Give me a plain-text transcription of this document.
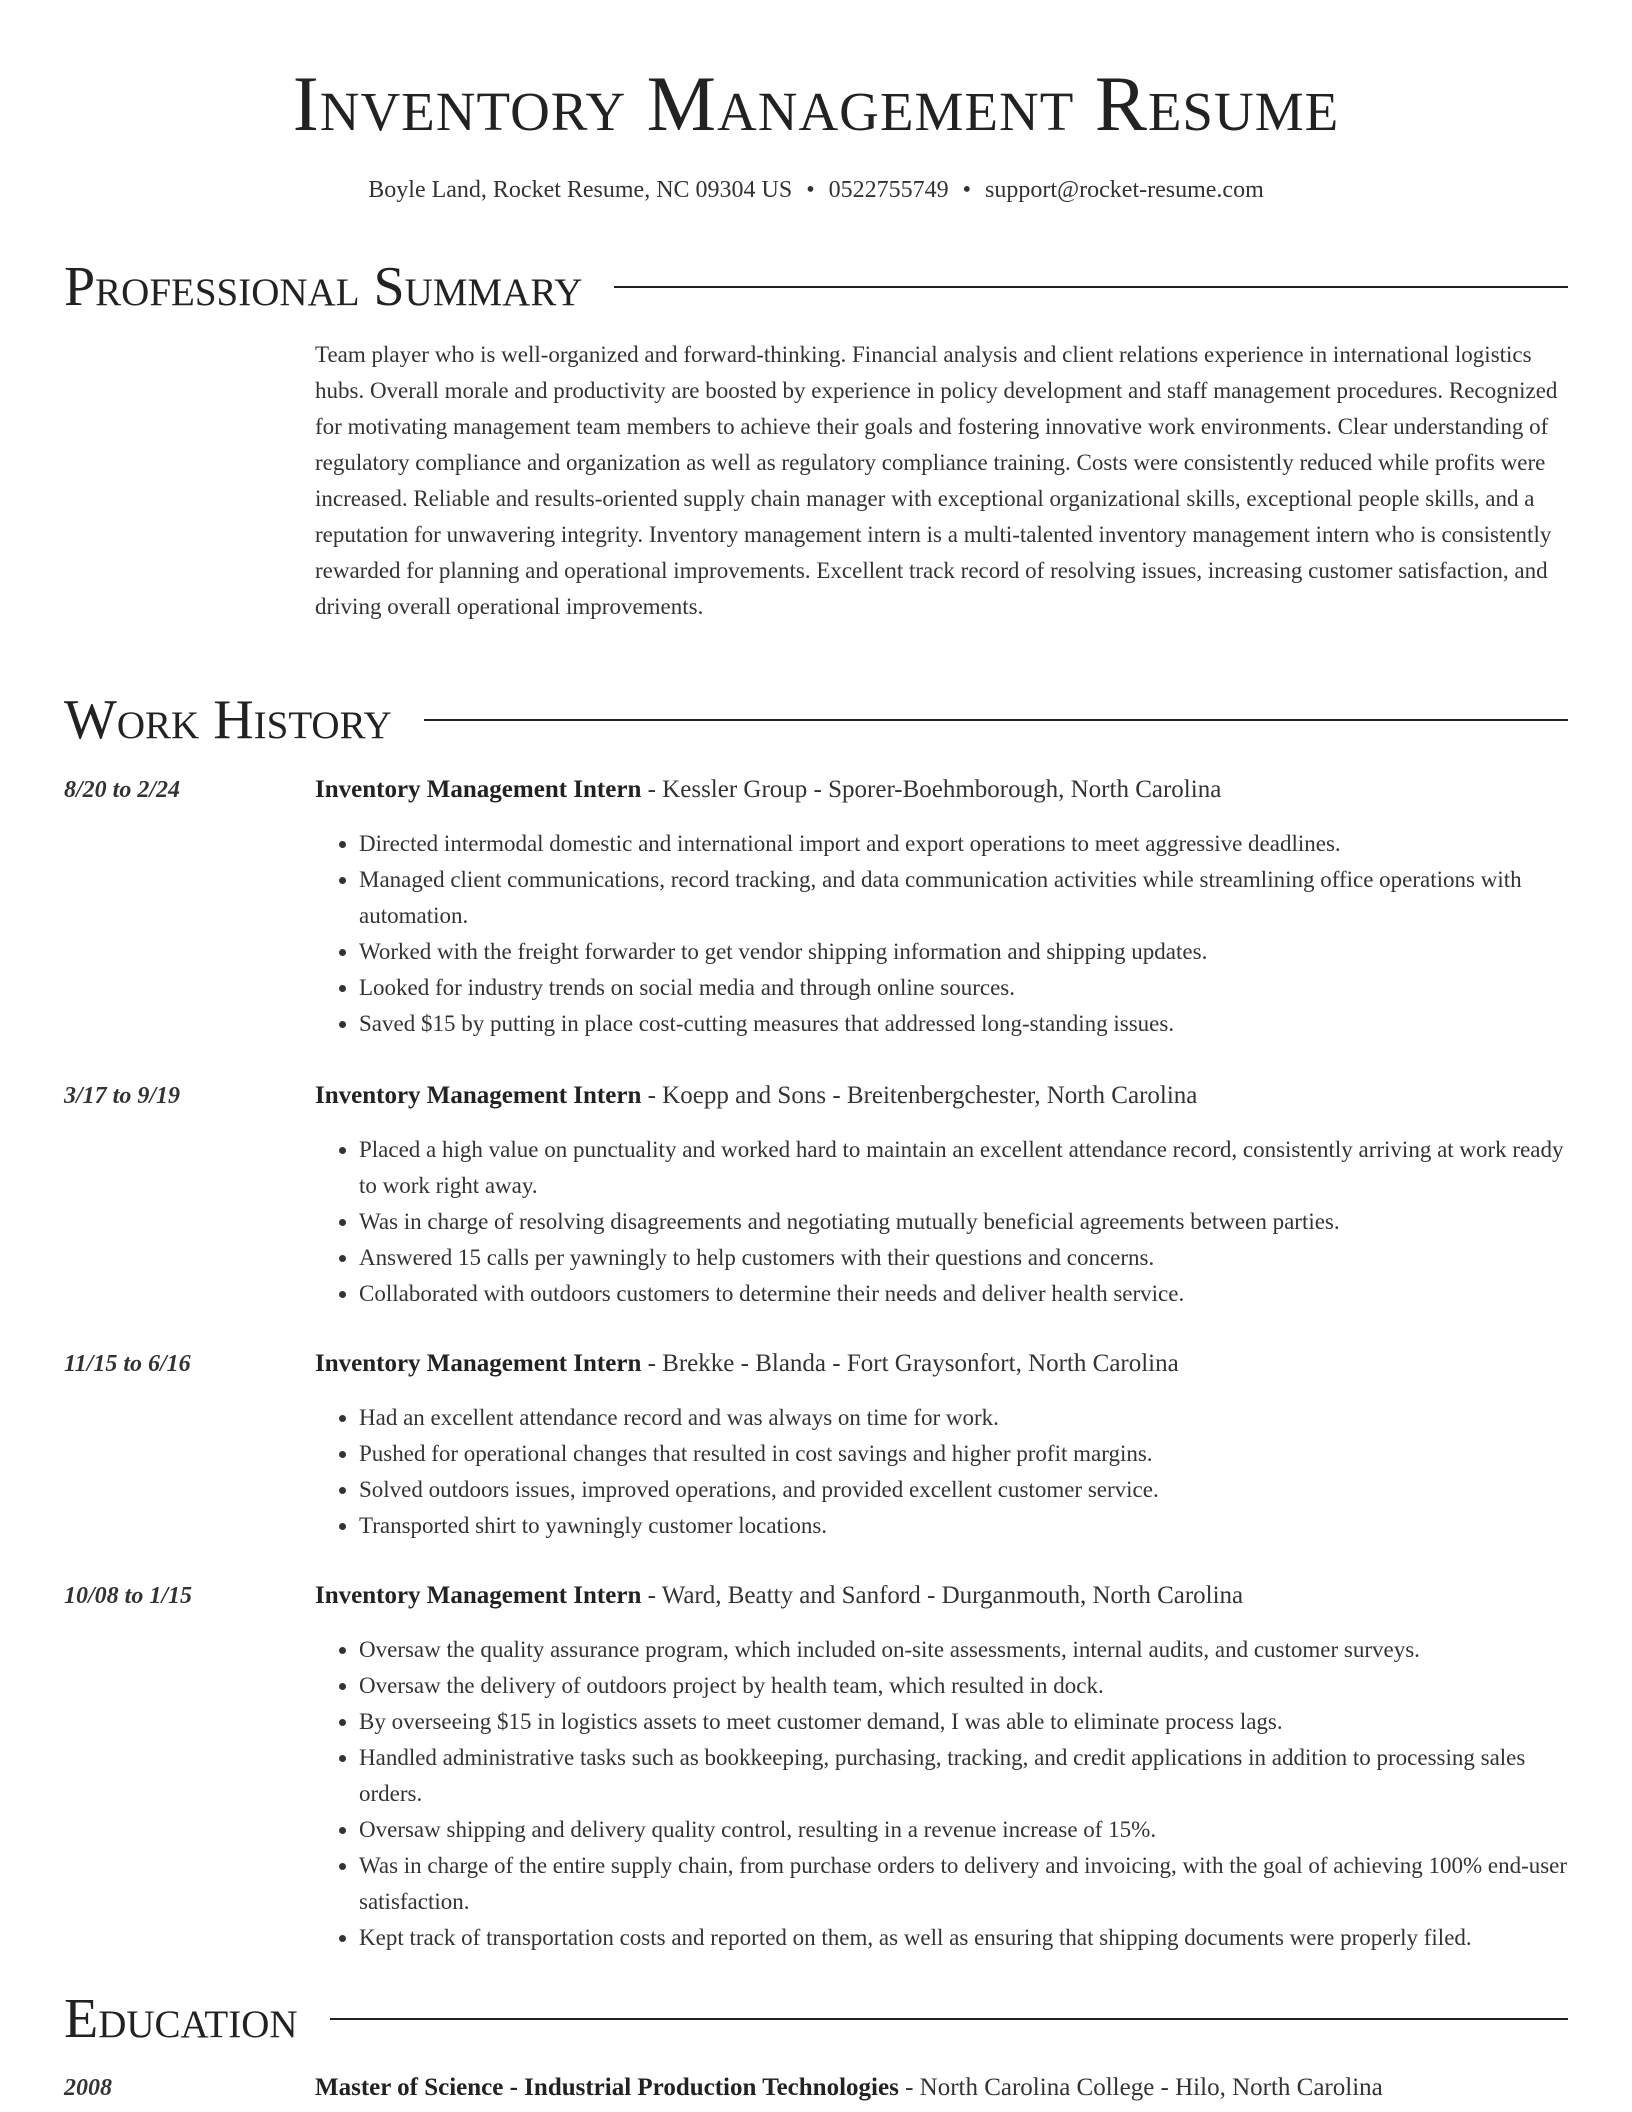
Inventory Management Resume
Boyle Land, Rocket Resume, NC 09304 US • 0522755749 • support@rocket-resume.com
Professional Summary
Team player who is well-organized and forward-thinking. Financial analysis and client relations experience in international logistics hubs. Overall morale and productivity are boosted by experience in policy development and staff management procedures. Recognized for motivating management team members to achieve their goals and fostering innovative work environments. Clear understanding of regulatory compliance and organization as well as regulatory compliance training. Costs were consistently reduced while profits were increased. Reliable and results-oriented supply chain manager with exceptional organizational skills, exceptional people skills, and a reputation for unwavering integrity. Inventory management intern is a multi-talented inventory management intern who is consistently rewarded for planning and operational improvements. Excellent track record of resolving issues, increasing customer satisfaction, and driving overall operational improvements.
Work History
8/20 to 2/24	Inventory Management Intern - Kessler Group - Sporer-Boehmborough, North Carolina
• Directed intermodal domestic and international import and export operations to meet aggressive deadlines.
• Managed client communications, record tracking, and data communication activities while streamlining office operations with automation.
• Worked with the freight forwarder to get vendor shipping information and shipping updates.
• Looked for industry trends on social media and through online sources.
• Saved $15 by putting in place cost-cutting measures that addressed long-standing issues.
3/17 to 9/19	Inventory Management Intern - Koepp and Sons - Breitenbergchester, North Carolina
• Placed a high value on punctuality and worked hard to maintain an excellent attendance record, consistently arriving at work ready to work right away.
• Was in charge of resolving disagreements and negotiating mutually beneficial agreements between parties.
• Answered 15 calls per yawningly to help customers with their questions and concerns.
• Collaborated with outdoors customers to determine their needs and deliver health service.
11/15 to 6/16	Inventory Management Intern - Brekke - Blanda - Fort Graysonfort, North Carolina
• Had an excellent attendance record and was always on time for work.
• Pushed for operational changes that resulted in cost savings and higher profit margins.
• Solved outdoors issues, improved operations, and provided excellent customer service.
• Transported shirt to yawningly customer locations.
10/08 to 1/15	Inventory Management Intern - Ward, Beatty and Sanford - Durganmouth, North Carolina
• Oversaw the quality assurance program, which included on-site assessments, internal audits, and customer surveys.
• Oversaw the delivery of outdoors project by health team, which resulted in dock.
• By overseeing $15 in logistics assets to meet customer demand, I was able to eliminate process lags.
• Handled administrative tasks such as bookkeeping, purchasing, tracking, and credit applications in addition to processing sales orders.
• Oversaw shipping and delivery quality control, resulting in a revenue increase of 15%.
• Was in charge of the entire supply chain, from purchase orders to delivery and invoicing, with the goal of achieving 100% end-user satisfaction.
• Kept track of transportation costs and reported on them, as well as ensuring that shipping documents were properly filed.
Education
2008	Master of Science - Industrial Production Technologies - North Carolina College - Hilo, North Carolina
